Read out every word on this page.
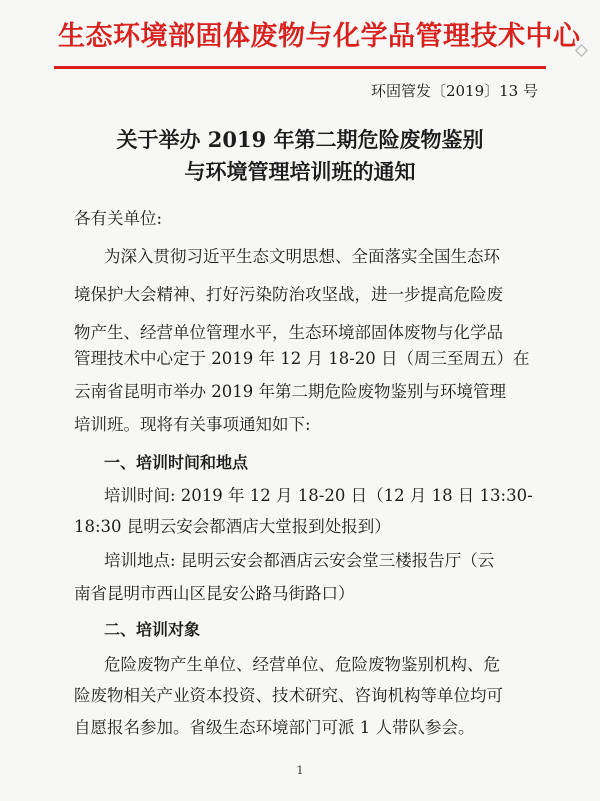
生态环境部固体废物与化学品管理技术中心
环固管发〔2019〕13 号
关于举办 2019 年第二期危险废物鉴别
与环境管理培训班的通知
各有关单位:
为深入贯彻习近平生态文明思想、全面落实全国生态环
境保护大会精神、打好污染防治攻坚战，进一步提高危险废
物产生、经营单位管理水平，生态环境部固体废物与化学品
管理技术中心定于 2019 年 12 月 18-20 日（周三至周五）在
云南省昆明市举办 2019 年第二期危险废物鉴别与环境管理
培训班。现将有关事项通知如下:
一、培训时间和地点
培训时间: 2019 年 12 月 18-20 日（12 月 18 日 13:30-
18:30 昆明云安会都酒店大堂报到处报到）
培训地点: 昆明云安会都酒店云安会堂三楼报告厅（云
南省昆明市西山区昆安公路马街路口）
二、培训对象
危险废物产生单位、经营单位、危险废物鉴别机构、危
险废物相关产业资本投资、技术研究、咨询机构等单位均可
自愿报名参加。省级生态环境部门可派 1 人带队参会。
1
